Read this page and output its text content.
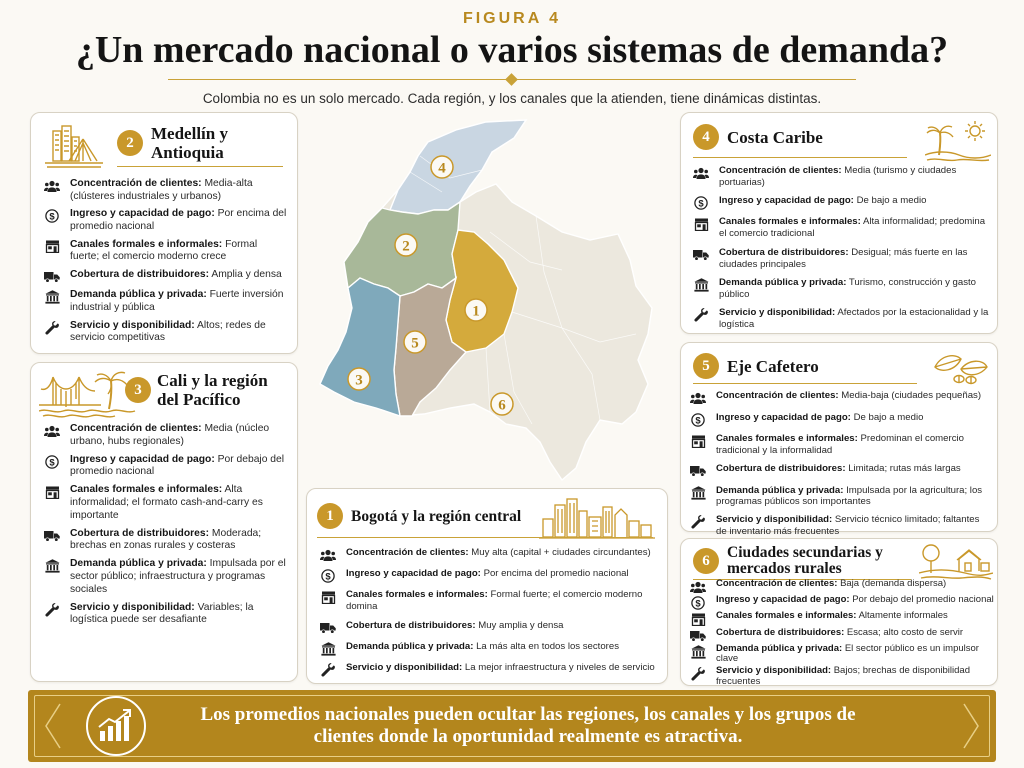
FIGURA 4
¿Un mercado nacional o varios sistemas de demanda?
Colombia no es un solo mercado. Cada región, y los canales que la atienden, tiene dinámicas distintas.
2	Medellín y Antioquia
Concentración de clientes: Media-alta (clústeres industriales y urbanos)
$ Ingreso y capacidad de pago: Por encima del promedio nacional
Canales formales e informales: Formal fuerte; el comercio moderno crece
Cobertura de distribuidores: Amplia y densa
Demanda pública y privada: Fuerte inversión industrial y pública
Servicio y disponibilidad: Altos; redes de servicio competitivas
Cali y la región del Pacífico
Concentración de clientes: Media (núcleo urbano, hubs regionales)
$ Ingreso y capacidad de pago: Por debajo del promedio nacional
Canales formales e informales: Alta informalidad; el formato cash-and-carry es importante
Cobertura de distribuidores: Moderada; brechas en zonas rurales y costeras
Demanda pública y privada: Impulsada por el sector público; infraestructura y programas sociales
Servicio y disponibilidad: Variables; la logística puede ser desafiante
3
1	Bogotá y la región central
Concentración de clientes: Muy alta (capital + ciudades circundantes)
$ Ingreso y capacidad de pago: Por encima del promedio nacional
Canales formales e informales: Formal fuerte; el comercio moderno domina
Cobertura de distribuidores: Muy amplia y densa
Demanda pública y privada: La más alta en todos los sectores
Servicio y disponibilidad: La mejor infraestructura y niveles de servicio
4	Costa Caribe
Concentración de clientes: Media (turismo y ciudades portuarias)
$ Ingreso y capacidad de pago: De bajo a medio
Canales formales e informales: Alta informalidad; predomina el comercio tradicional
Cobertura de distribuidores: Desigual; más fuerte en las ciudades principales
Demanda pública y privada: Turismo, construcción y gasto público
Servicio y disponibilidad: Afectados por la estacionalidad y la logística
5	Eje Cafetero
Concentración de clientes: Media-baja (ciudades pequeñas)
$ Ingreso y capacidad de pago: De bajo a medio
Canales formales e informales: Predominan el comercio tradicional y la informalidad
Cobertura de distribuidores: Limitada; rutas más largas
Demanda pública y privada: Impulsada por la agricultura; los programas públicos son importantes
Servicio y disponibilidad: Servicio técnico limitado; faltantes de inventario más frecuentes
6	Ciudades secundarias y mercados rurales
Concentración de clientes: Baja (demanda dispersa)
$ Ingreso y capacidad de pago: Por debajo del promedio nacional
Canales formales e informales: Altamente informales
Cobertura de distribuidores: Escasa; alto costo de servir
Demanda pública y privada: El sector público es un impulsor clave
Servicio y disponibilidad: Bajos; brechas de disponibilidad frecuentes
4
2
1
5
3
6
Los promedios nacionales pueden ocultar las regiones, los canales y los grupos de clientes donde la oportunidad realmente es atractiva.
